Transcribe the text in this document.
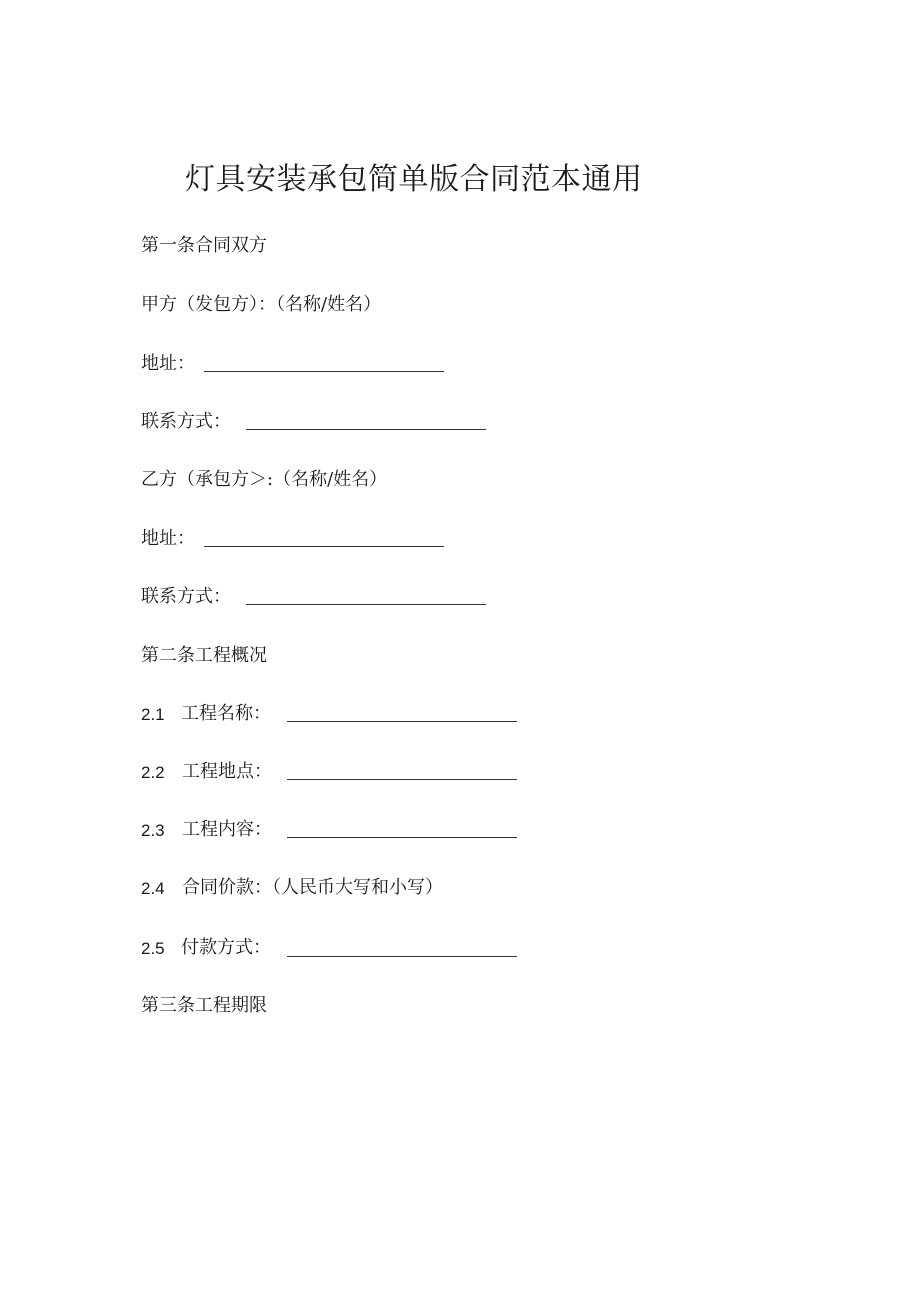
灯具安装承包简单版合同范本通用
第一条合同双方
甲方（发包方）：（名称/姓名）
地址：
联系方式：
乙方（承包方＞:（名称/姓名）
地址：
联系方式：
第二条工程概况
2.1 工程名称：
2.2 工程地点：
2.3 工程内容：
2.4 合同价款：（人民币大写和小写）
2.5 付款方式：
第三条工程期限
